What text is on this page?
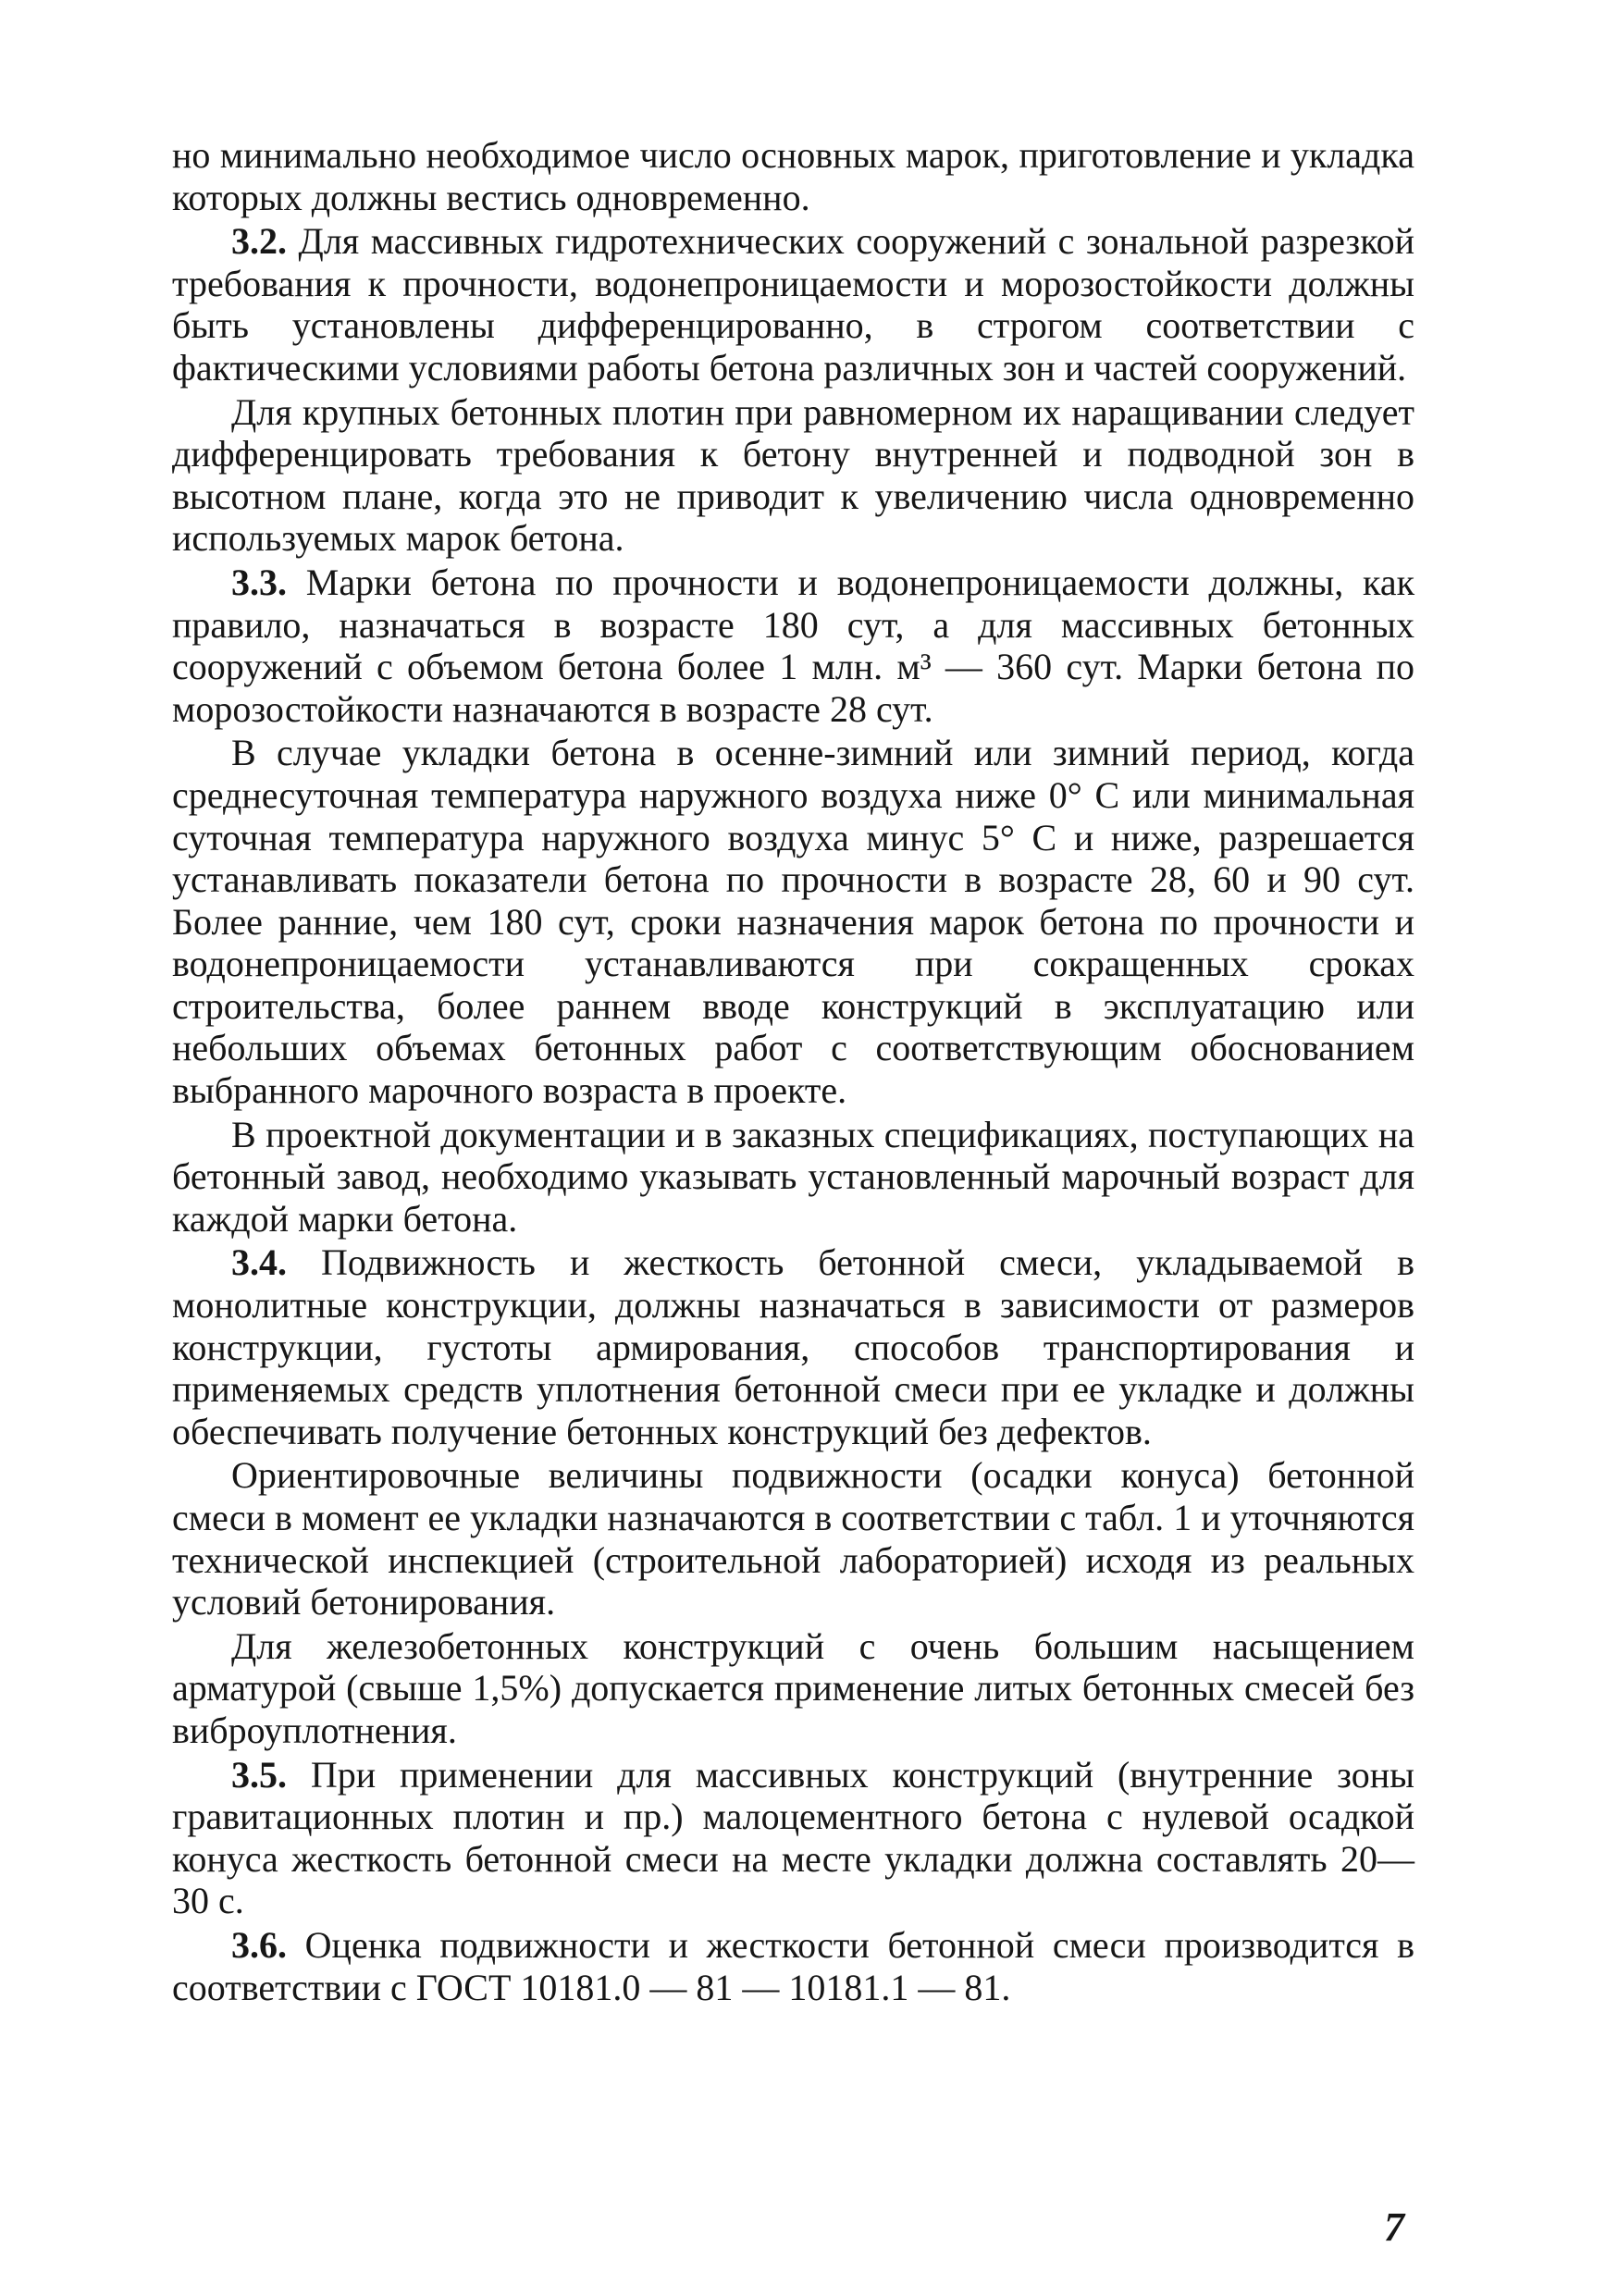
но минимально необходимое число основных марок, приготовление и укладка которых должны вестись одновременно.

3.2. Для массивных гидротехнических сооружений с зональной разрезкой требования к прочности, водонепроницаемости и морозостойкости должны быть установлены дифференцированно, в строгом соответствии с фактическими условиями работы бетона различных зон и частей сооружений.

Для крупных бетонных плотин при равномерном их наращивании следует дифференцировать требования к бетону внутренней и подводной зон в высотном плане, когда это не приводит к увеличению числа одновременно используемых марок бетона.

3.3. Марки бетона по прочности и водонепроницаемости должны, как правило, назначаться в возрасте 180 сут, а для массивных бетонных сооружений с объемом бетона более 1 млн. м³ — 360 сут. Марки бетона по морозостойкости назначаются в возрасте 28 сут.

В случае укладки бетона в осенне-зимний или зимний период, когда среднесуточная температура наружного воздуха ниже 0° С или минимальная суточная температура наружного воздуха минус 5° С и ниже, разрешается устанавливать показатели бетона по прочности в возрасте 28, 60 и 90 сут. Более ранние, чем 180 сут, сроки назначения марок бетона по прочности и водонепроницаемости устанавливаются при сокращенных сроках строительства, более раннем вводе конструкций в эксплуатацию или небольших объемах бетонных работ с соответствующим обоснованием выбранного марочного возраста в проекте.

В проектной документации и в заказных спецификациях, поступающих на бетонный завод, необходимо указывать установленный марочный возраст для каждой марки бетона.

3.4. Подвижность и жесткость бетонной смеси, укладываемой в монолитные конструкции, должны назначаться в зависимости от размеров конструкции, густоты армирования, способов транспортирования и применяемых средств уплотнения бетонной смеси при ее укладке и должны обеспечивать получение бетонных конструкций без дефектов.

Ориентировочные величины подвижности (осадки конуса) бетонной смеси в момент ее укладки назначаются в соответствии с табл. 1 и уточняются технической инспекцией (строительной лабораторией) исходя из реальных условий бетонирования.

Для железобетонных конструкций с очень большим насыщением арматурой (свыше 1,5%) допускается применение литых бетонных смесей без виброуплотнения.

3.5. При применении для массивных конструкций (внутренние зоны гравитационных плотин и пр.) малоцементного бетона с нулевой осадкой конуса жесткость бетонной смеси на месте укладки должна составлять 20—30 с.

3.6. Оценка подвижности и жесткости бетонной смеси производится в соответствии с ГОСТ 10181.0 — 81 — 10181.1 — 81.

7
